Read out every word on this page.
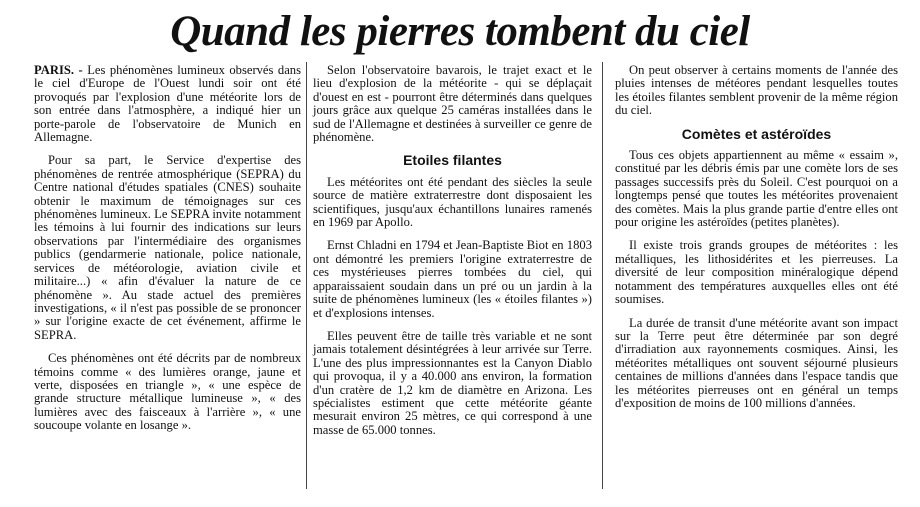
Quand les pierres tombent du ciel

PARIS. - Les phénomènes lumineux observés dans le ciel d'Europe de l'Ouest lundi soir ont été provoqués par l'explosion d'une météorite lors de son entrée dans l'atmosphère, a indiqué hier un porte-parole de l'observatoire de Munich en Allemagne.

Pour sa part, le Service d'expertise des phénomènes de rentrée atmosphérique (SEPRA) du Centre national d'études spatiales (CNES) souhaite obtenir le maximum de témoignages sur ces phénomènes lumineux. Le SEPRA invite notamment les témoins à lui fournir des indications sur leurs observations par l'intermédiaire des organismes publics (gendarmerie nationale, police nationale, services de météorologie, aviation civile et militaire...) « afin d'évaluer la nature de ce phénomène ». Au stade actuel des premières investigations, « il n'est pas possible de se prononcer » sur l'origine exacte de cet événement, affirme le SEPRA.

Ces phénomènes ont été décrits par de nombreux témoins comme « des lumières orange, jaune et verte, disposées en triangle », « une espèce de grande structure métallique lumineuse », « des lumières avec des faisceaux à l'arrière », « une soucoupe volante en losange ».

Selon l'observatoire bavarois, le trajet exact et le lieu d'explosion de la météorite - qui se déplaçait d'ouest en est - pourront être déterminés dans quelques jours grâce aux quelque 25 caméras installées dans le sud de l'Allemagne et destinées à surveiller ce genre de phénomène.

Etoiles filantes

Les météorites ont été pendant des siècles la seule source de matière extraterrestre dont disposaient les scientifiques, jusqu'aux échantillons lunaires ramenés en 1969 par Apollo.

Ernst Chladni en 1794 et Jean-Baptiste Biot en 1803 ont démontré les premiers l'origine extraterrestre de ces mystérieuses pierres tombées du ciel, qui apparaissaient soudain dans un pré ou un jardin à la suite de phénomènes lumineux (les « étoiles filantes ») et d'explosions intenses.

Elles peuvent être de taille très variable et ne sont jamais totalement désintégrées à leur arrivée sur Terre. L'une des plus impressionnantes est la Canyon Diablo qui provoqua, il y a 40.000 ans environ, la formation d'un cratère de 1,2 km de diamètre en Arizona. Les spécialistes estiment que cette météorite géante mesurait environ 25 mètres, ce qui correspond à une masse de 65.000 tonnes.

On peut observer à certains moments de l'année des pluies intenses de météores pendant lesquelles toutes les étoiles filantes semblent provenir de la même région du ciel.

Comètes et astéroïdes

Tous ces objets appartiennent au même « essaim », constitué par les débris émis par une comète lors de ses passages successifs près du Soleil. C'est pourquoi on a longtemps pensé que toutes les météorites provenaient des comètes. Mais la plus grande partie d'entre elles ont pour origine les astéroïdes (petites planètes).

Il existe trois grands groupes de météorites : les métalliques, les lithosidérites et les pierreuses. La diversité de leur composition minéralogique dépend notamment des températures auxquelles elles ont été soumises.

La durée de transit d'une météorite avant son impact sur la Terre peut être déterminée par son degré d'irradiation aux rayonnements cosmiques. Ainsi, les météorites métalliques ont souvent séjourné plusieurs centaines de millions d'années dans l'espace tandis que les météorites pierreuses ont en général un temps d'exposition de moins de 100 millions d'années.
